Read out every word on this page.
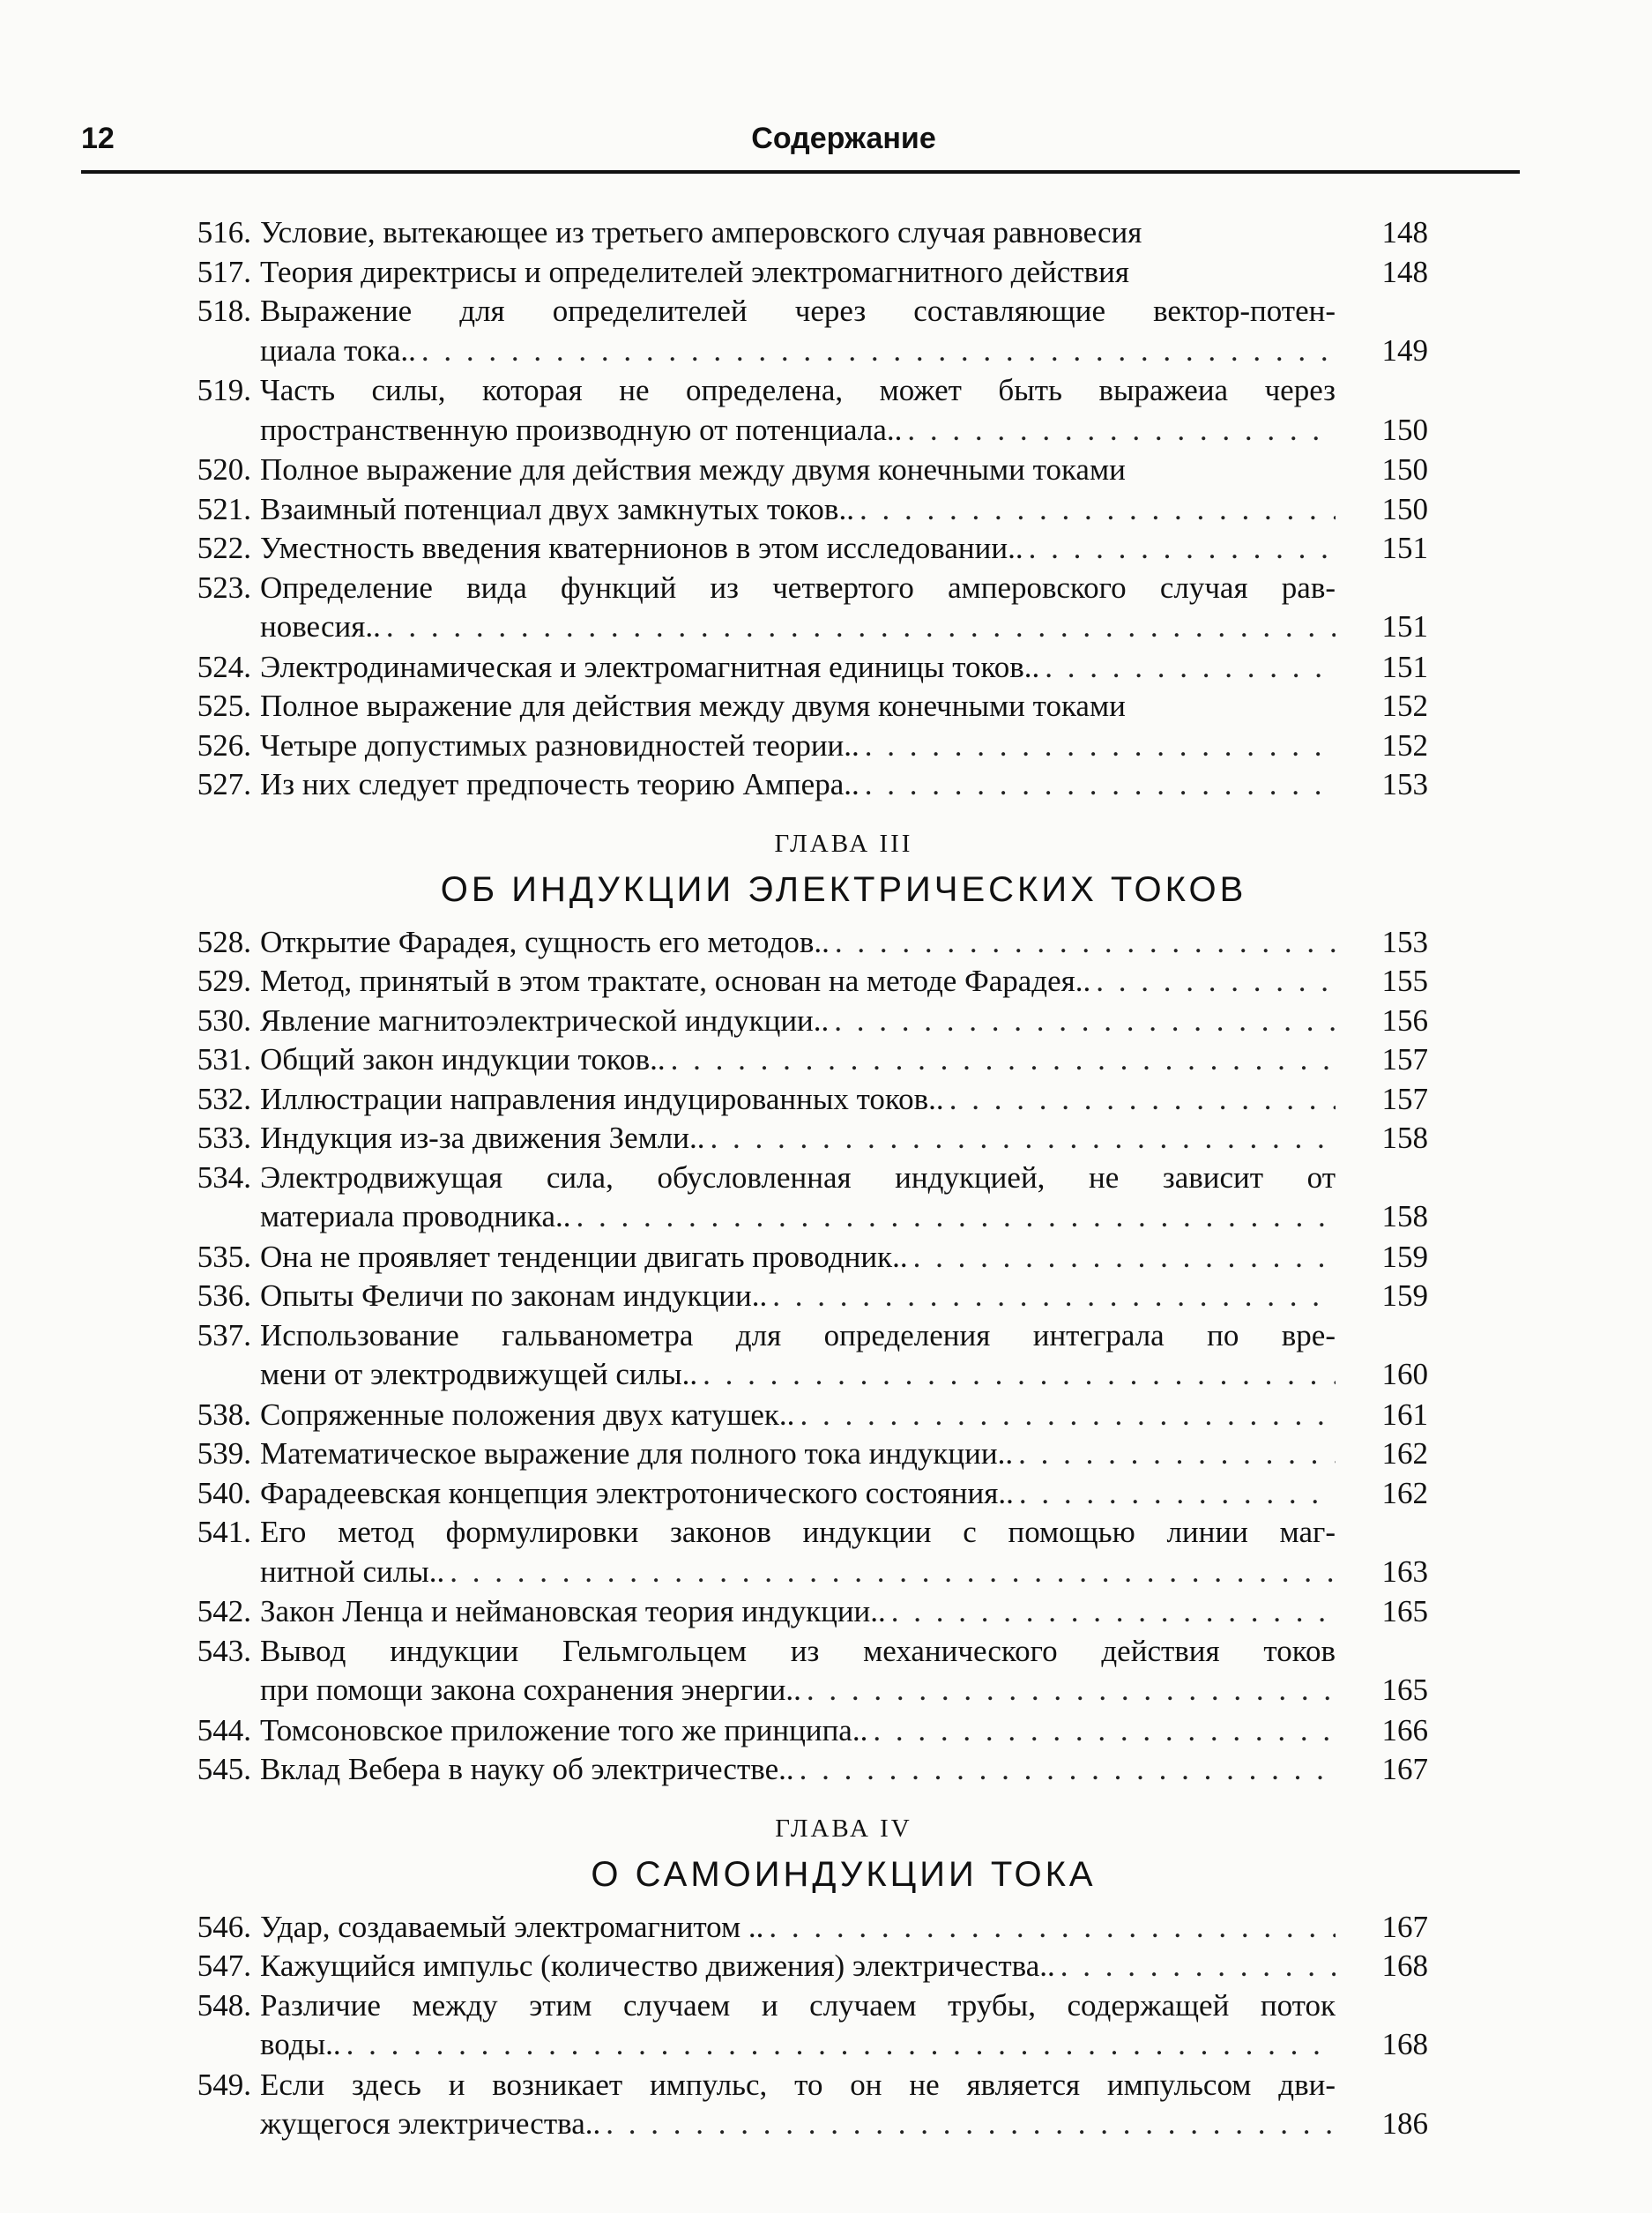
12	Содержание
516. Условие, вытекающее из третьего амперовского случая равновесия	148
517. Теория директрисы и определителей электромагнитного действия	148
518. Выражение для определителей через составляющие вектор-потен-
циала тока.. . . .	149
519. Часть силы, которая не определена, может быть выражеиа через
пространственную производную от потенциала.. . . .	150
520. Полное выражение для действия между двумя конечными токами	150
521. Взаимный потенциал двух замкнутых токов.. . . .	150
522. Уместность введения кватернионов в этом исследовании.. . . .	151
523. Определение вида функций из четвертого амперовского случая рав-
новесия.. . . .	151
524. Электродинамическая и электромагнитная единицы токов.. . . .	151
525. Полное выражение для действия между двумя конечными токами	152
526. Четыре допустимых разновидностей теории.. . . .	152
527. Из них следует предпочесть теорию Ампера.. . . .	153
ГЛАВА III
ОБ ИНДУКЦИИ ЭЛЕКТРИЧЕСКИХ ТОКОВ
528. Открытие Фарадея, сущность его методов.. . . .	153
529. Метод, принятый в этом трактате, основан на методе Фарадея.. . . .	155
530. Явление магнитоэлектрической индукции.. . . .	156
531. Общий закон индукции токов.. . . .	157
532. Иллюстрации направления индуцированных токов.. . . .	157
533. Индукция из-за движения Земли.. . . .	158
534. Электродвижущая сила, обусловленная индукцией, не зависит от
материала проводника.. . . .	158
535. Она не проявляет тенденции двигать проводник.. . . .	159
536. Опыты Феличи по законам индукции.. . . .	159
537. Использование гальванометра для определения интеграла по вре-
мени от электродвижущей силы.. . . .	160
538. Сопряженные положения двух катушек.. . . .	161
539. Математическое выражение для полного тока индукции.. . . .	162
540. Фарадеевская концепция электротонического состояния.. . . .	162
541. Его метод формулировки законов индукции с помощью линии маг-
нитной силы.. . . .	163
542. Закон Ленца и неймановская теория индукции.. . . .	165
543. Вывод индукции Гельмгольцем из механического действия токов
при помощи закона сохранения энергии.. . . .	165
544. Томсоновское приложение того же принципа.. . . .	166
545. Вклад Вебера в науку об электричестве.. . . .	167
ГЛАВА IV
О САМОИНДУКЦИИ ТОКА
546. Удар, создаваемый электромагнитом .. . . .	167
547. Кажущийся импульс (количество движения) электричества.. . . .	168
548. Различие между этим случаем и случаем трубы, содержащей поток
воды.. . . .	168
549. Если здесь и возникает импульс, то он не является импульсом дви-
жущегося электричества.. . . .	186
